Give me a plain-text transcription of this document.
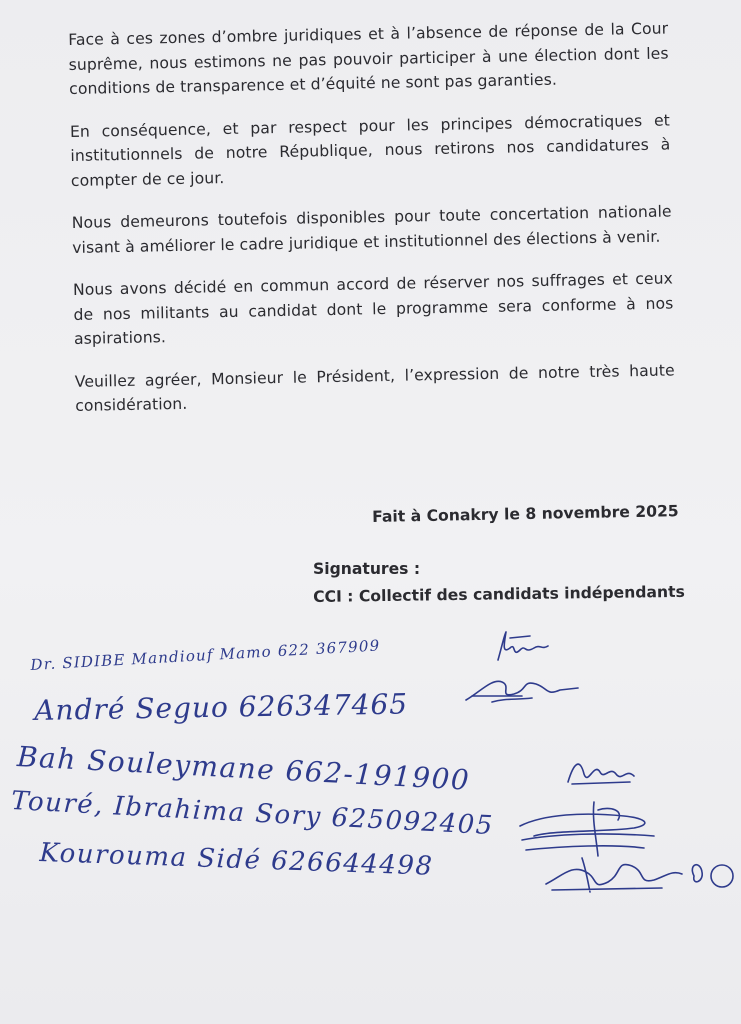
Face à ces zones d’ombre juridiques et à l’absence de réponse de la Cour suprême, nous estimons ne pas pouvoir participer à une élection dont les conditions de transparence et d’équité ne sont pas garanties.

En conséquence, et par respect pour les principes démocratiques et institutionnels de notre République, nous retirons nos candidatures à compter de ce jour.

Nous demeurons toutefois disponibles pour toute concertation nationale visant à améliorer le cadre juridique et institutionnel des élections à venir.

Nous avons décidé en commun accord de réserver nos suffrages et ceux de nos militants au candidat dont le programme sera conforme à nos aspirations.

Veuillez agréer, Monsieur le Président, l’expression de notre très haute considération.

Fait à Conakry le 8 novembre 2025
Signatures :
CCI : Collectif des candidats indépendants
Dr. SIDIBE Mandiouf Mamo 622 367909
André Seguo 626347465
Bah Souleymane 662-191900
Touré, Ibrahima Sory 625092405
Kourouma Sidé 626644498
